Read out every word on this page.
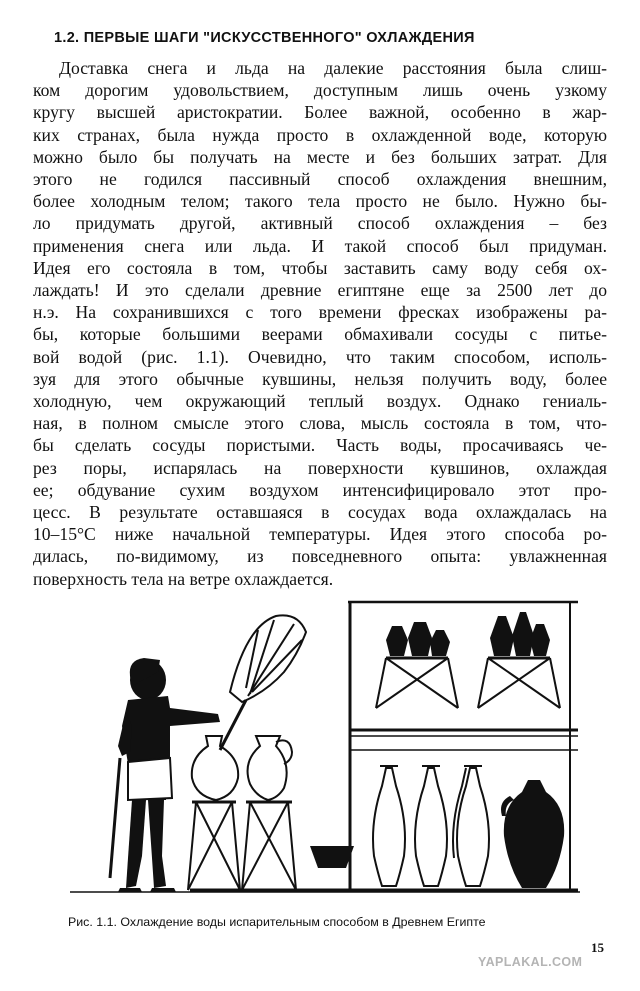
1.2. ПЕРВЫЕ ШАГИ "ИСКУССТВЕННОГО" ОХЛАЖДЕНИЯ
Доставка снега и льда на далекие расстояния была слиш-
ком дорогим удовольствием, доступным лишь очень узкому
кругу высшей аристократии. Более важной, особенно в жар-
ких странах, была нужда просто в охлажденной воде, которую
можно было бы получать на месте и без больших затрат. Для
этого не годился пассивный способ охлаждения внешним,
более холодным телом; такого тела просто не было. Нужно бы-
ло придумать другой, активный способ охлаждения – без
применения снега или льда. И такой способ был придуман.
Идея его состояла в том, чтобы заставить саму воду себя ох-
лаждать! И это сделали древние египтяне еще за 2500 лет до
н.э. На сохранившихся с того времени фресках изображены ра-
бы, которые большими веерами обмахивали сосуды с питье-
вой водой (рис. 1.1). Очевидно, что таким способом, исполь-
зуя для этого обычные кувшины, нельзя получить воду, более
холодную, чем окружающий теплый воздух. Однако гениаль-
ная, в полном смысле этого слова, мысль состояла в том, что-
бы сделать сосуды пористыми. Часть воды, просачиваясь че-
рез поры, испарялась на поверхности кувшинов, охлаждая
ее; обдувание сухим воздухом интенсифицировало этот про-
цесс. В результате оставшаяся в сосудах вода охлаждалась на
10–15°С ниже начальной температуры. Идея этого способа ро-
дилась, по-видимому, из повседневного опыта: увлажненная
поверхность тела на ветре охлаждается.
Рис. 1.1. Охлаждение воды испарительным способом в Древнем Египте
15
YAPLAKAL.COM
